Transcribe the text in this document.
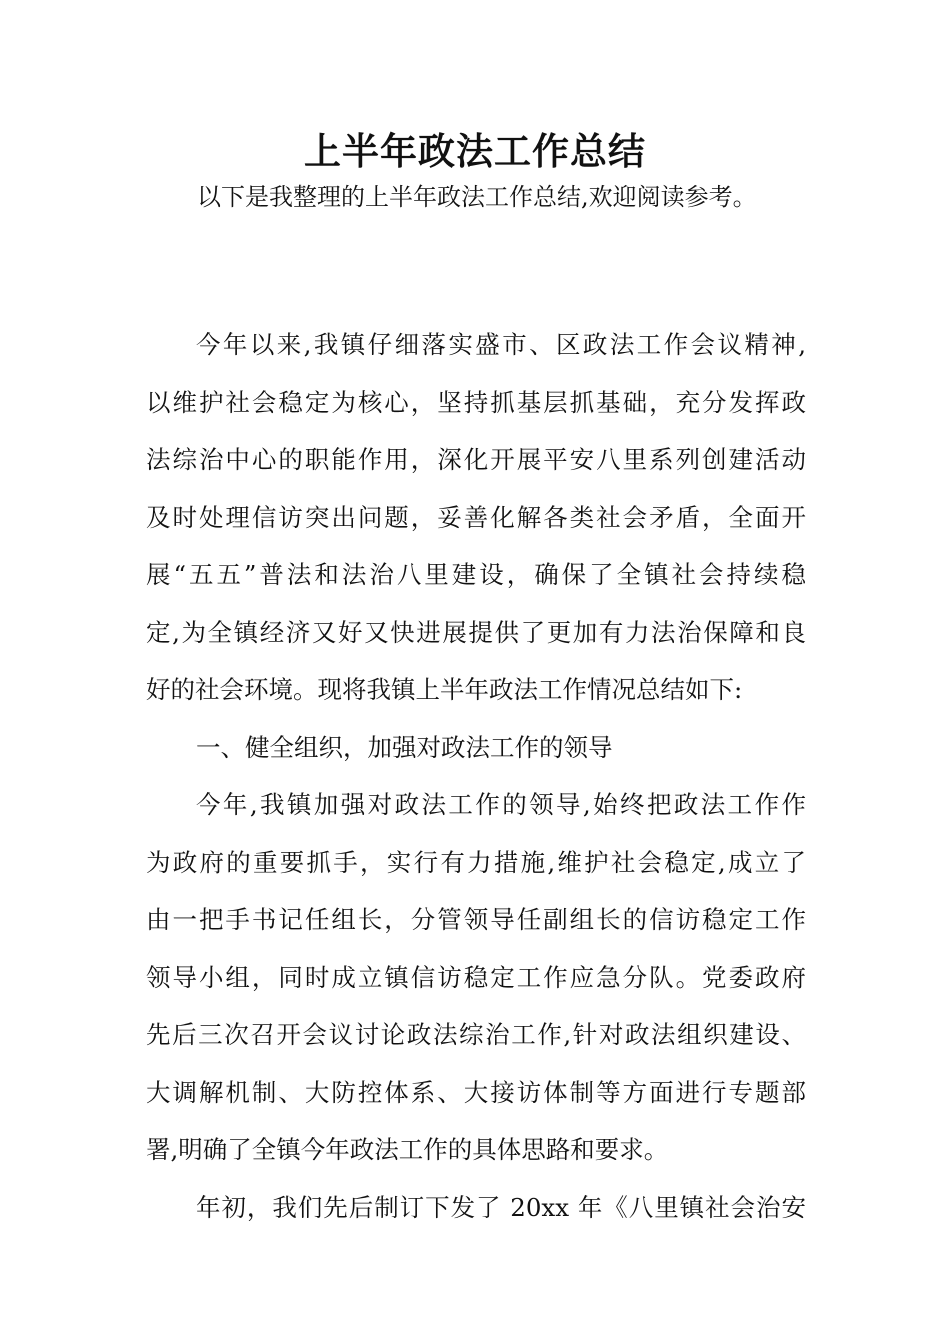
上半年政法工作总结
以下是我整理的上半年政法工作总结,欢迎阅读参考。
今年以来,我镇仔细落实盛市、区政法工作会议精神,
以维护社会稳定为核心，坚持抓基层抓基础，充分发挥政
法综治中心的职能作用，深化开展平安八里系列创建活动
及时处理信访突出问题，妥善化解各类社会矛盾，全面开
展“五五”普法和法治八里建设，确保了全镇社会持续稳
定,为全镇经济又好又快进展提供了更加有力法治保障和良
好的社会环境。现将我镇上半年政法工作情况总结如下:
一、健全组织，加强对政法工作的领导
今年,我镇加强对政法工作的领导,始终把政法工作作
为政府的重要抓手，实行有力措施,维护社会稳定,成立了
由一把手书记任组长，分管领导任副组长的信访稳定工作
领导小组，同时成立镇信访稳定工作应急分队。党委政府
先后三次召开会议讨论政法综治工作,针对政法组织建设、
大调解机制、大防控体系、大接访体制等方面进行专题部
署,明确了全镇今年政法工作的具体思路和要求。
年初，我们先后制订下发了 20xx 年《八里镇社会治安
